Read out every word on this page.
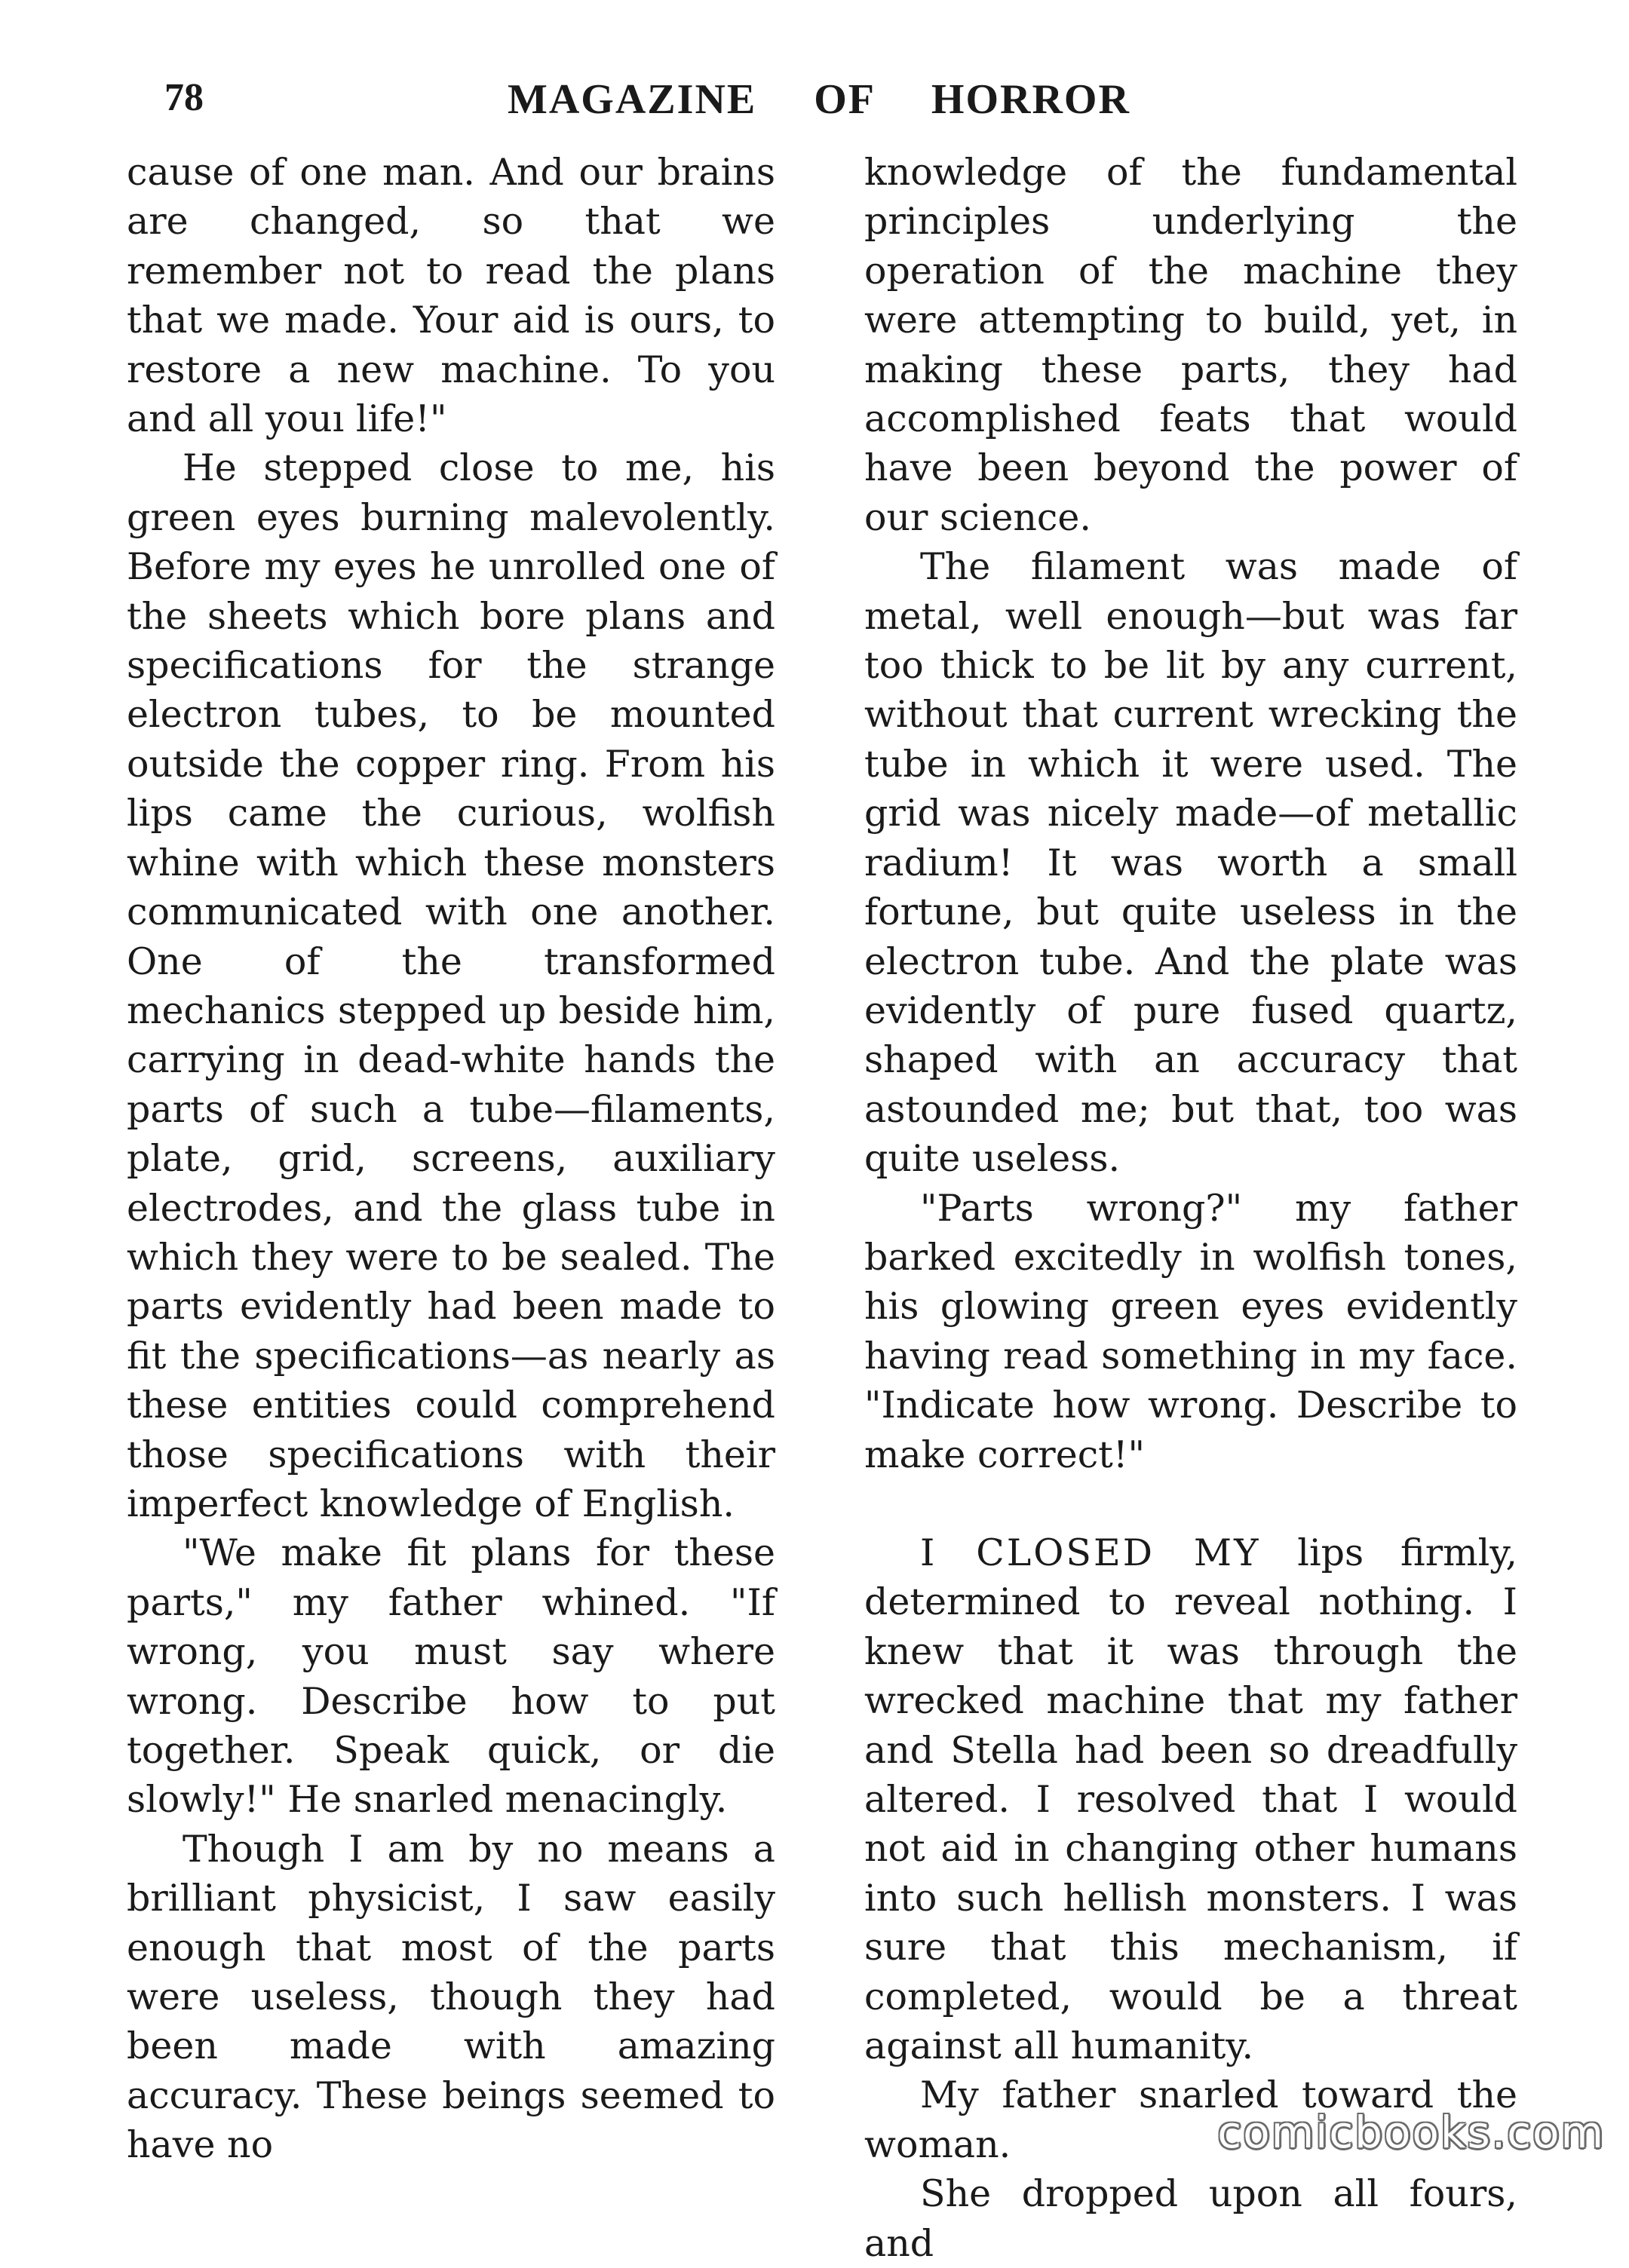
78	MAGAZINE OF HORROR

cause of one man. And our brains are changed, so that we remember not to read the plans that we made. Your aid is ours, to restore a new machine. To you and all youı life!"

He stepped close to me, his green eyes burning malevolently. Before my eyes he unrolled one of the sheets which bore plans and specifications for the strange electron tubes, to be mounted outside the copper ring. From his lips came the curious, wolfish whine with which these monsters communicated with one another. One of the transformed mechanics stepped up beside him, carrying in dead-white hands the parts of such a tube—filaments, plate, grid, screens, auxiliary electrodes, and the glass tube in which they were to be sealed. The parts evidently had been made to fit the specifications—as nearly as these entities could comprehend those specifications with their imperfect knowledge of English.

"We make fit plans for these parts," my father whined. "If wrong, you must say where wrong. Describe how to put together. Speak quick, or die slowly!" He snarled menacingly.

Though I am by no means a brilliant physicist, I saw easily enough that most of the parts were useless, though they had been made with amazing accuracy. These beings seemed to have no

knowledge of the fundamental principles underlying the operation of the machine they were attempting to build, yet, in making these parts, they had accomplished feats that would have been beyond the power of our science.

The filament was made of metal, well enough—but was far too thick to be lit by any current, without that current wrecking the tube in which it were used. The grid was nicely made—of metallic radium! It was worth a small fortune, but quite useless in the electron tube. And the plate was evidently of pure fused quartz, shaped with an accuracy that astounded me; but that, too was quite useless.

"Parts wrong?" my father barked excitedly in wolfish tones, his glowing green eyes evidently having read something in my face. "Indicate how wrong. Describe to make correct!"

I CLOSED MY lips firmly, determined to reveal nothing. I knew that it was through the wrecked machine that my father and Stella had been so dreadfully altered. I resolved that I would not aid in changing other humans into such hellish monsters. I was sure that this mechanism, if completed, would be a threat against all humanity.

My father snarled toward the woman.

She dropped upon all fours, and

comicbooks.com
